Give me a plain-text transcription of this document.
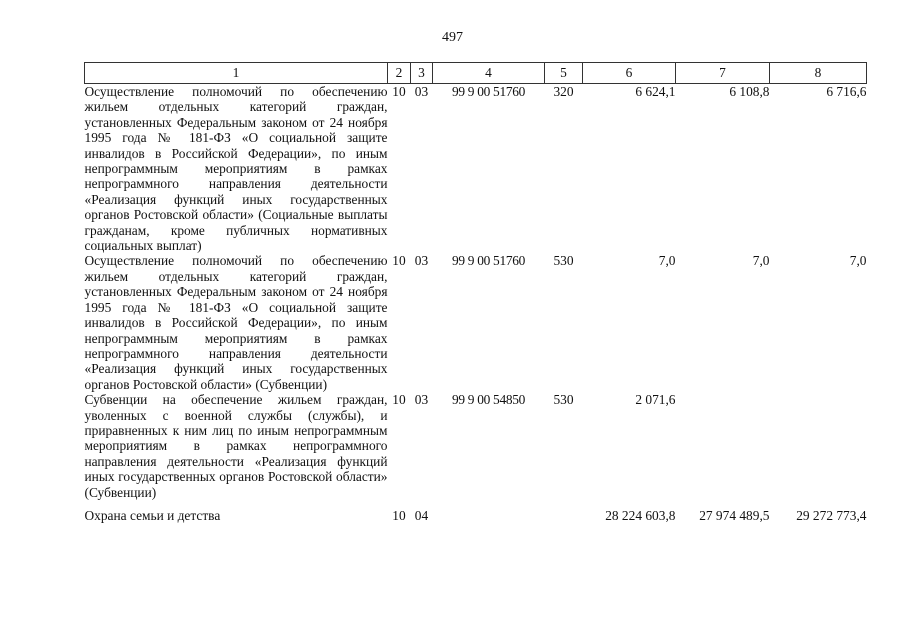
497
1	2	3	4	5	6	7	8
Осуществление полномочий по обеспечению жильем отдельных категорий граждан, установленных Федеральным законом от 24 ноября 1995 года № 181-ФЗ «О социальной защите инвалидов в Российской Федерации», по иным непрограммным мероприятиям в рамках непрограммного направления деятельности «Реализация функций иных государственных органов Ростовской области» (Социальные выплаты гражданам, кроме публичных нормативных социальных выплат)	10	03	99 9 00 51760	320	6 624,1	6 108,8	6 716,6
Осуществление полномочий по обеспечению жильем отдельных категорий граждан, установленных Федеральным законом от 24 ноября 1995 года № 181-ФЗ «О социальной защите инвалидов в Российской Федерации», по иным непрограммным мероприятиям в рамках непрограммного направления деятельности «Реализация функций иных государственных органов Ростовской области» (Субвенции)	10	03	99 9 00 51760	530	7,0	7,0	7,0
Субвенции на обеспечение жильем граждан, уволенных с военной службы (службы), и приравненных к ним лиц по иным непрограммным мероприятиям в рамках непрограммного направления деятельности «Реализация функций иных государственных органов Ростовской области» (Субвенции)	10	03	99 9 00 54850	530	2 071,6		
Охрана семьи и детства	10	04			28 224 603,8	27 974 489,5	29 272 773,4
